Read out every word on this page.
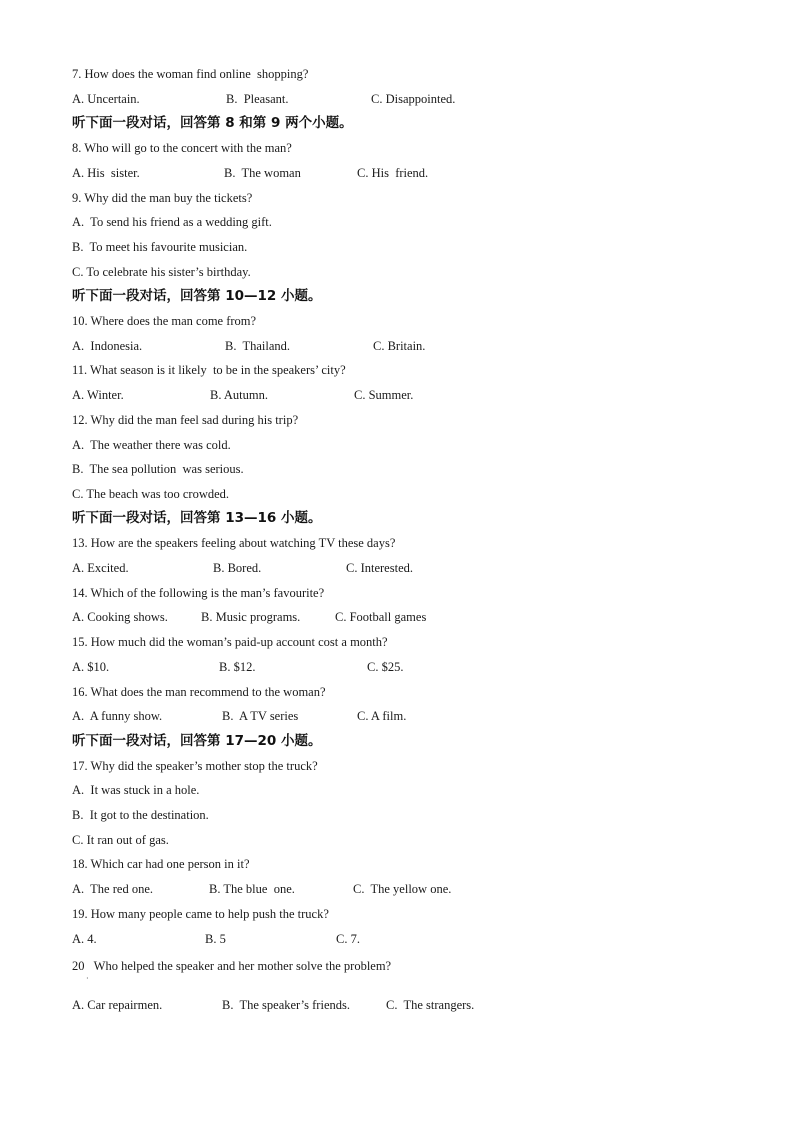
7. How does the woman find online  shopping?
A. Uncertain.	B.  Pleasant.	C. Disappointed.
听下面一段对话，回答第 8 和第 9 两个小题。
8. Who will go to the concert with the man?
A. His  sister.	B.  The woman	C. His  friend.
9. Why did the man buy the tickets?
A.  To send his friend as a wedding gift.
B.  To meet his favourite musician.
C. To celebrate his sister’s birthday.
听下面一段对话，回答第 10—12 小题。
10. Where does the man come from?
A.  Indonesia.	B.  Thailand.	C. Britain.
11. What season is it likely  to be in the speakers’ city?
A. Winter.	B. Autumn.	C. Summer.
12. Why did the man feel sad during his trip?
A.  The weather there was cold.
B.  The sea pollution  was serious.
C. The beach was too crowded.
听下面一段对话，回答第 13—16 小题。
13. How are the speakers feeling about watching TV these days?
A. Excited.	B. Bored.	C. Interested.
14. Which of the following is the man’s favourite?
A. Cooking shows.	B. Music programs.	C. Football games
15. How much did the woman’s paid-up account cost a month?
A. $10.	B. $12.	C. $25.
16. What does the man recommend to the woman?
A.  A funny show.	B.  A TV series	C. A film.
听下面一段对话，回答第 17—20 小题。
17. Why did the speaker’s mother stop the truck?
A.  It was stuck in a hole.
B.  It got to the destination.
C. It ran out of gas.
18. Which car had one person in it?
A.  The red one.	B. The blue  one.	C.  The yellow one.
19. How many people came to help push the truck?
A. 4.	B. 5	C. 7.
20   Who helped the speaker and her mother solve the problem?
·
A. Car repairmen.	B.  The speaker’s friends.	C.  The strangers.
